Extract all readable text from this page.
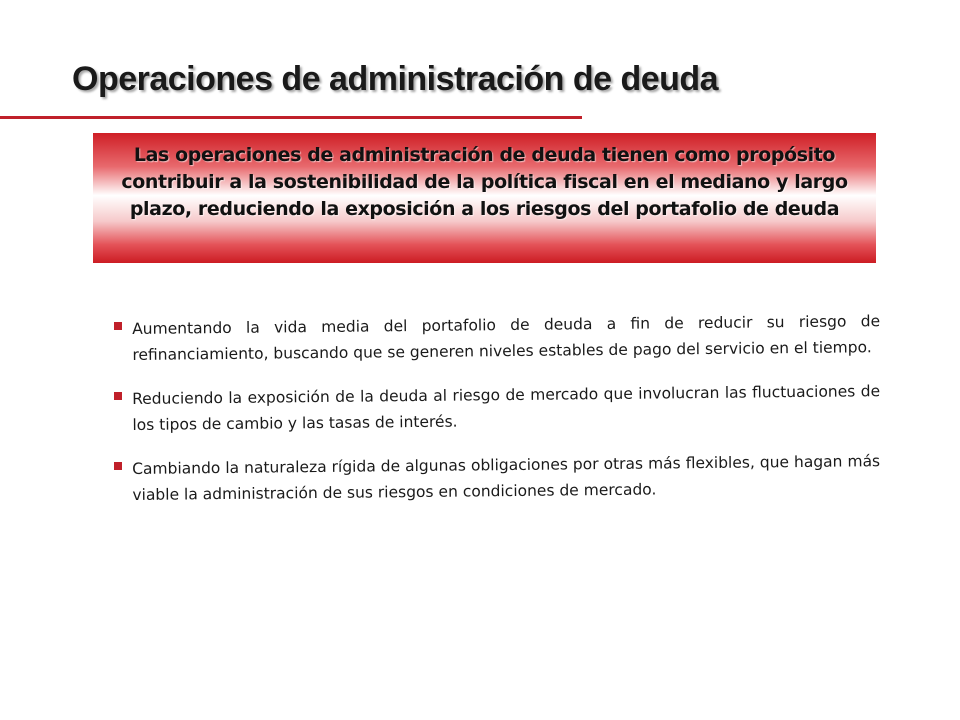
Operaciones de administración de deuda

Las operaciones de administración de deuda tienen como propósito contribuir a la sostenibilidad de la política fiscal en el mediano y largo plazo, reduciendo la exposición a los riesgos del portafolio de deuda

Aumentando la vida media del portafolio de deuda a fin de reducir su riesgo de refinanciamiento, buscando que se generen niveles estables de pago del servicio en el tiempo.
Reduciendo la exposición de la deuda al riesgo de mercado que involucran las fluctuaciones de los tipos de cambio y las tasas de interés.
Cambiando la naturaleza rígida de algunas obligaciones por otras más flexibles, que hagan más viable la administración de sus riesgos en condiciones de mercado.
